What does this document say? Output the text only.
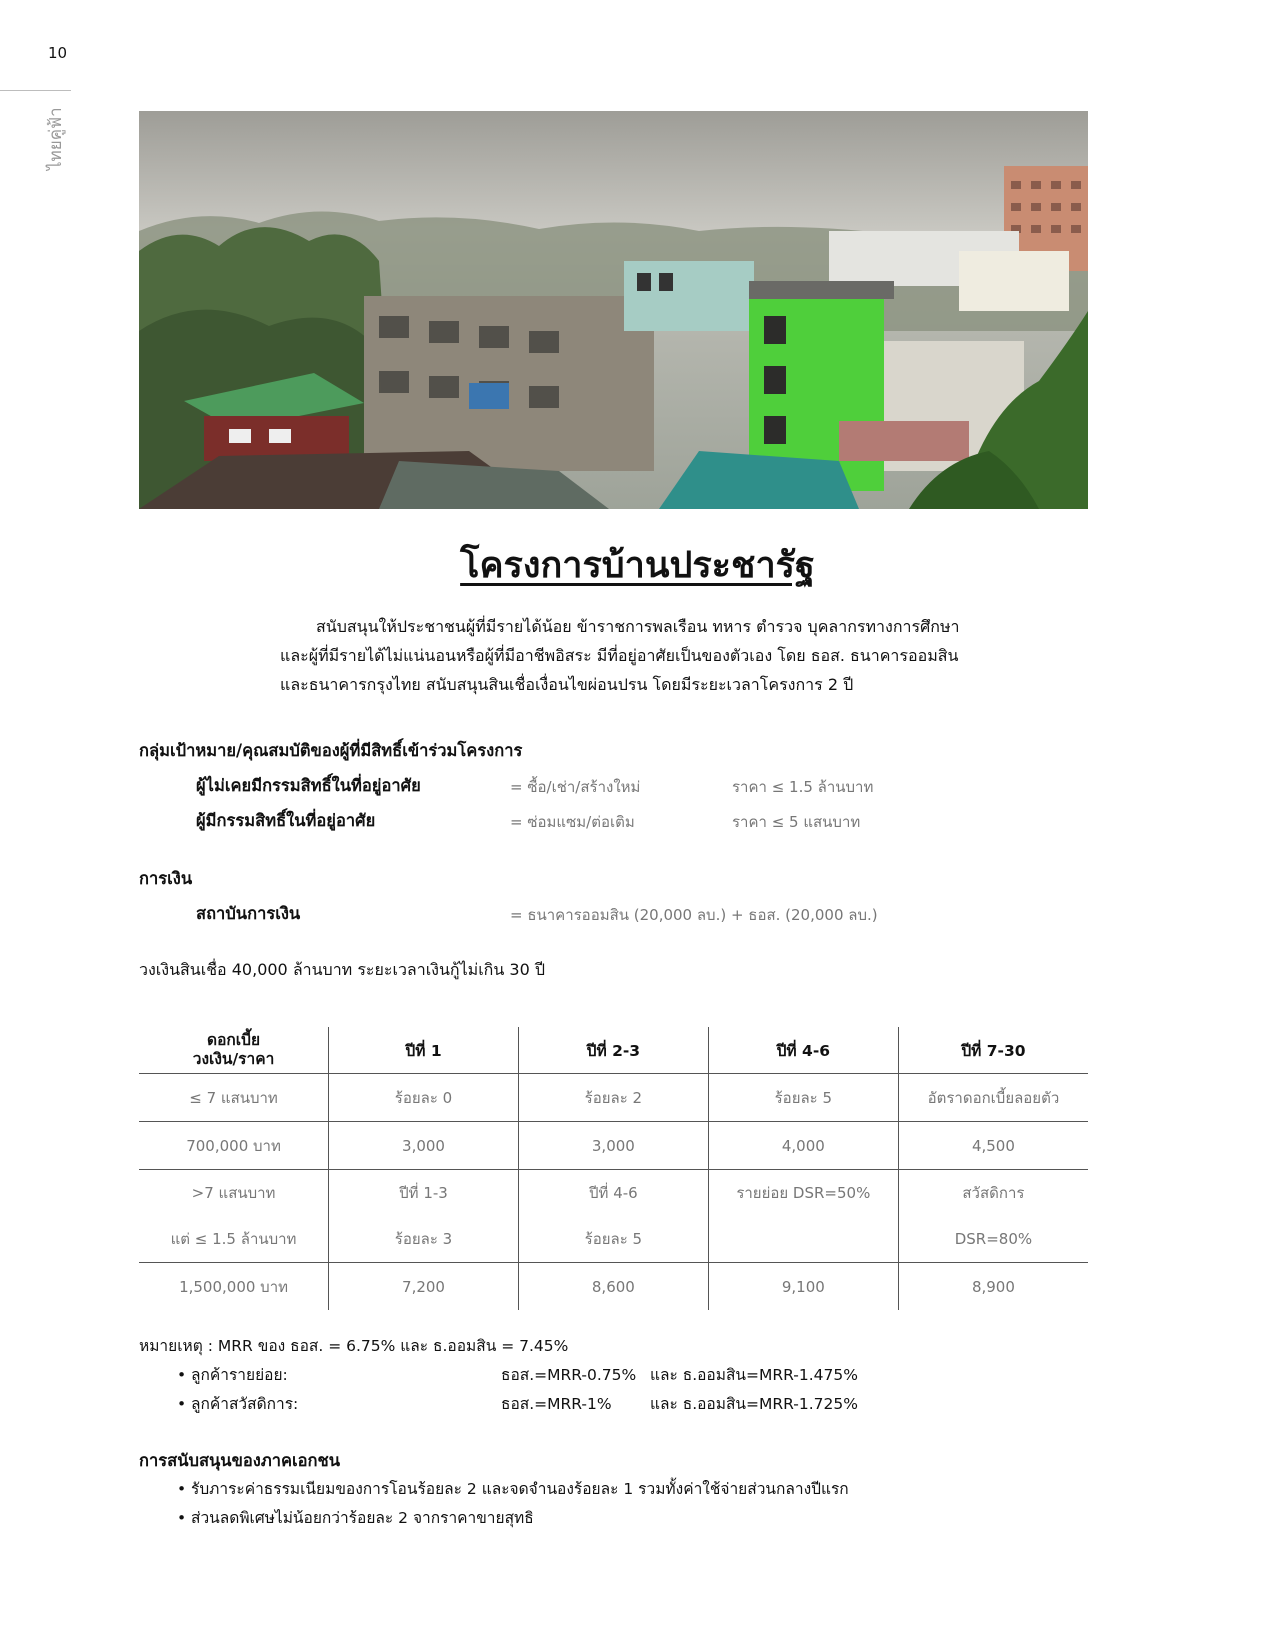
10
ไทยคู่ฟ้า
โครงการบ้านประชารัฐ

สนับสนุนให้ประชาชนผู้ที่มีรายได้น้อย ข้าราชการพลเรือน ทหาร ตำรวจ บุคลากรทางการศึกษา

และผู้ที่มีรายได้ไม่แน่นอนหรือผู้ที่มีอาชีพอิสระ มีที่อยู่อาศัยเป็นของตัวเอง โดย ธอส. ธนาคารออมสิน

และธนาคารกรุงไทย สนับสนุนสินเชื่อเงื่อนไขผ่อนปรน โดยมีระยะเวลาโครงการ 2 ปี

กลุ่มเป้าหมาย/คุณสมบัติของผู้ที่มีสิทธิ์เข้าร่วมโครงการ
ผู้ไม่เคยมีกรรมสิทธิ์ในที่อยู่อาศัย	= ซื้อ/เช่า/สร้างใหม่	ราคา ≤ 1.5 ล้านบาท
ผู้มีกรรมสิทธิ์ในที่อยู่อาศัย	= ซ่อมแซม/ต่อเติม	ราคา ≤ 5 แสนบาท
การเงิน
สถาบันการเงิน	= ธนาคารออมสิน (20,000 ลบ.) + ธอส. (20,000 ลบ.)
วงเงินสินเชื่อ 40,000 ล้านบาท ระยะเวลาเงินกู้ไม่เกิน 30 ปี
ดอกเบี้ย
วงเงิน/ราคา	ปีที่ 1	ปีที่ 2-3	ปีที่ 4-6	ปีที่ 7-30
≤ 7 แสนบาท	ร้อยละ 0	ร้อยละ 2	ร้อยละ 5	อัตราดอกเบี้ยลอยตัว
700,000 บาท	3,000	3,000	4,000	4,500
>7 แสนบาท	ปีที่ 1-3	ปีที่ 4-6	รายย่อย DSR=50%	สวัสดิการ
แต่ ≤ 1.5 ล้านบาท	ร้อยละ 3	ร้อยละ 5		DSR=80%
1,500,000 บาท	7,200	8,600	9,100	8,900
หมายเหตุ : MRR ของ ธอส. = 6.75% และ ธ.ออมสิน = 7.45%
• ลูกค้ารายย่อย:	ธอส.=MRR-0.75% และ ธ.ออมสิน=MRR-1.475%
• ลูกค้าสวัสดิการ:	ธอส.=MRR-1% และ ธ.ออมสิน=MRR-1.725%
การสนับสนุนของภาคเอกชน
• รับภาระค่าธรรมเนียมของการโอนร้อยละ 2 และจดจำนองร้อยละ 1 รวมทั้งค่าใช้จ่ายส่วนกลางปีแรก
• ส่วนลดพิเศษไม่น้อยกว่าร้อยละ 2 จากราคาขายสุทธิ
